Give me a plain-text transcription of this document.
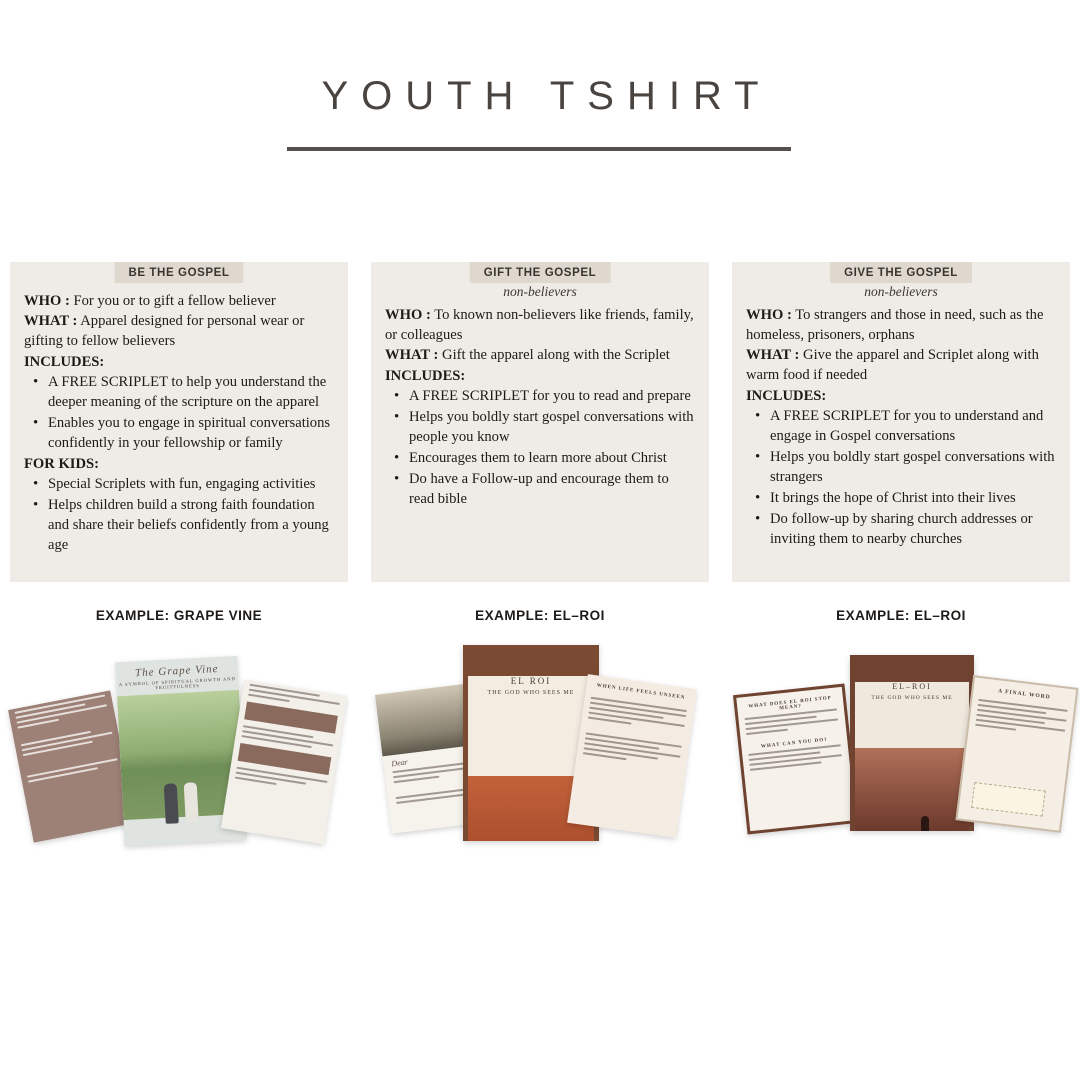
YOUTH TSHIRT
BE THE GOSPEL

WHO : For you or to gift a fellow believer

WHAT : Apparel designed for personal wear or gifting to fellow believers

INCLUDES:
• A FREE SCRIPLET to help you understand the deeper meaning of the scripture on the apparel
• Enables you to engage in spiritual conversations confidently in your fellowship or family
FOR KIDS:
• Special Scriplets with fun, engaging activities
• Helps children build a strong faith foundation and share their beliefs confidently from a young age
EXAMPLE: GRAPE VINE
The Grape Vine
A SYMBOL OF SPIRITUAL GROWTH AND FRUITFULNESS
GIFT THE GOSPEL
non-believers

WHO : To known non-believers like friends, family, or colleagues

WHAT : Gift the apparel along with the Scriplet

INCLUDES:
• A FREE SCRIPLET for you to read and prepare
• Helps you boldly start gospel conversations with people you know
• Encourages them to learn more about Christ
• Do have a Follow-up and encourage them to read bible
EXAMPLE: EL–ROI
Dear
EL ROI
THE GOD WHO SEES ME	WHEN LIFE FEELS UNSEEN
GIVE THE GOSPEL
non-believers

WHO : To strangers and those in need, such as the homeless, prisoners, orphans

WHAT : Give the apparel and Scriplet along with warm food if needed

INCLUDES:
• A FREE SCRIPLET for you to understand and engage in Gospel conversations
• Helps you boldly start gospel conversations with strangers
• It brings the hope of Christ into their lives
• Do follow-up by sharing church addresses or inviting them to nearby churches
EXAMPLE: EL–ROI
WHAT DOES EL ROI STOP MEAN?
WHAT CAN YOU DO?
EL–ROI
THE GOD WHO SEES ME	A FINAL WORD
